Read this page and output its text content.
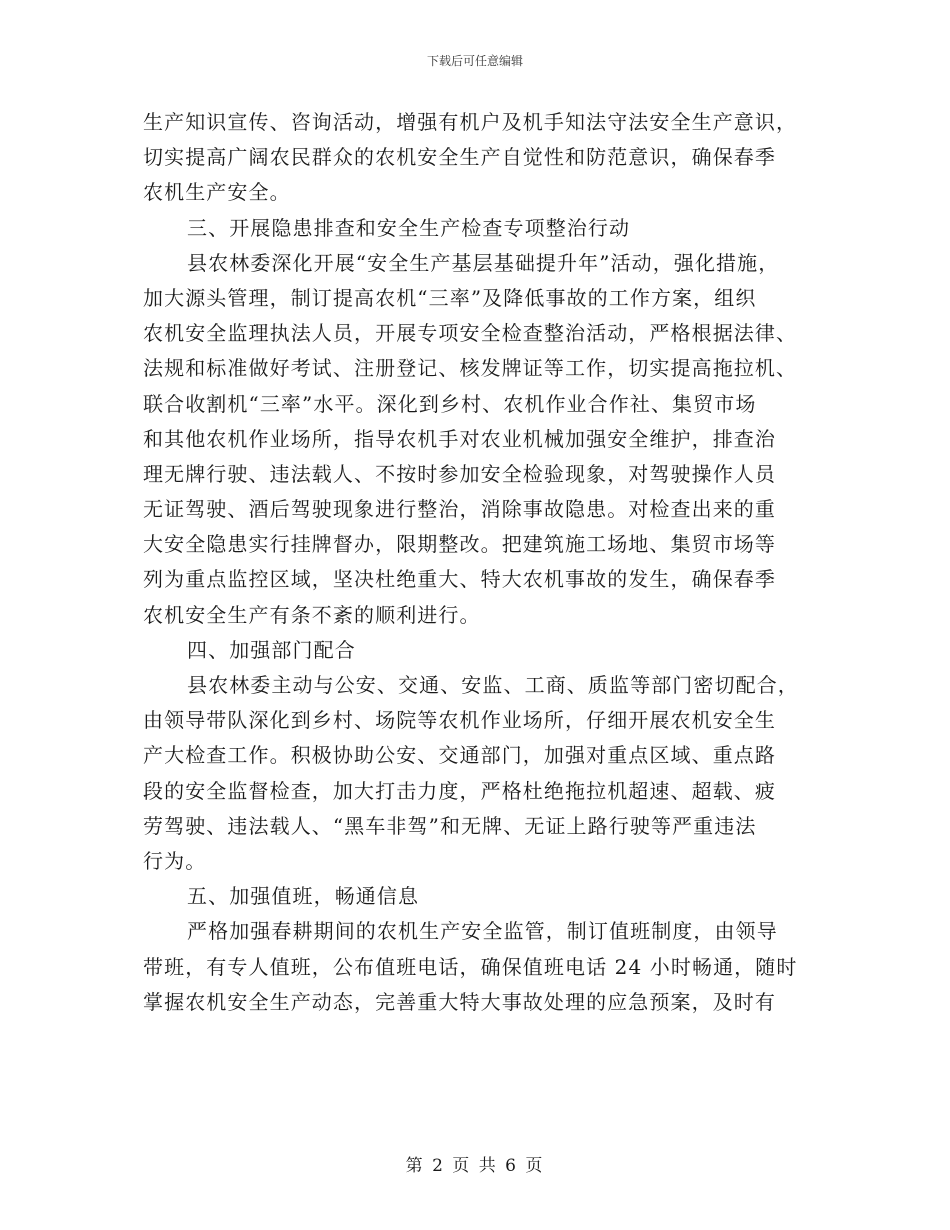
下载后可任意编辑
生产知识宣传、咨询活动，增强有机户及机手知法守法安全生产意识，
切实提高广阔农民群众的农机安全生产自觉性和防范意识，确保春季
农机生产安全。
三、开展隐患排查和安全生产检查专项整治行动
县农林委深化开展“安全生产基层基础提升年”活动，强化措施，
加大源头管理，制订提高农机“三率”及降低事故的工作方案，组织
农机安全监理执法人员，开展专项安全检查整治活动，严格根据法律、
法规和标准做好考试、注册登记、核发牌证等工作，切实提高拖拉机、
联合收割机“三率”水平。深化到乡村、农机作业合作社、集贸市场
和其他农机作业场所，指导农机手对农业机械加强安全维护，排查治
理无牌行驶、违法载人、不按时参加安全检验现象，对驾驶操作人员
无证驾驶、酒后驾驶现象进行整治，消除事故隐患。对检查出来的重
大安全隐患实行挂牌督办，限期整改。把建筑施工场地、集贸市场等
列为重点监控区域，坚决杜绝重大、特大农机事故的发生，确保春季
农机安全生产有条不紊的顺利进行。
四、加强部门配合
县农林委主动与公安、交通、安监、工商、质监等部门密切配合，
由领导带队深化到乡村、场院等农机作业场所，仔细开展农机安全生
产大检查工作。积极协助公安、交通部门，加强对重点区域、重点路
段的安全监督检查，加大打击力度，严格杜绝拖拉机超速、超载、疲
劳驾驶、违法载人、“黑车非驾”和无牌、无证上路行驶等严重违法
行为。
五、加强值班，畅通信息
严格加强春耕期间的农机生产安全监管，制订值班制度，由领导
带班，有专人值班，公布值班电话，确保值班电话 24 小时畅通，随时
掌握农机安全生产动态，完善重大特大事故处理的应急预案，及时有
第 2 页 共 6 页
